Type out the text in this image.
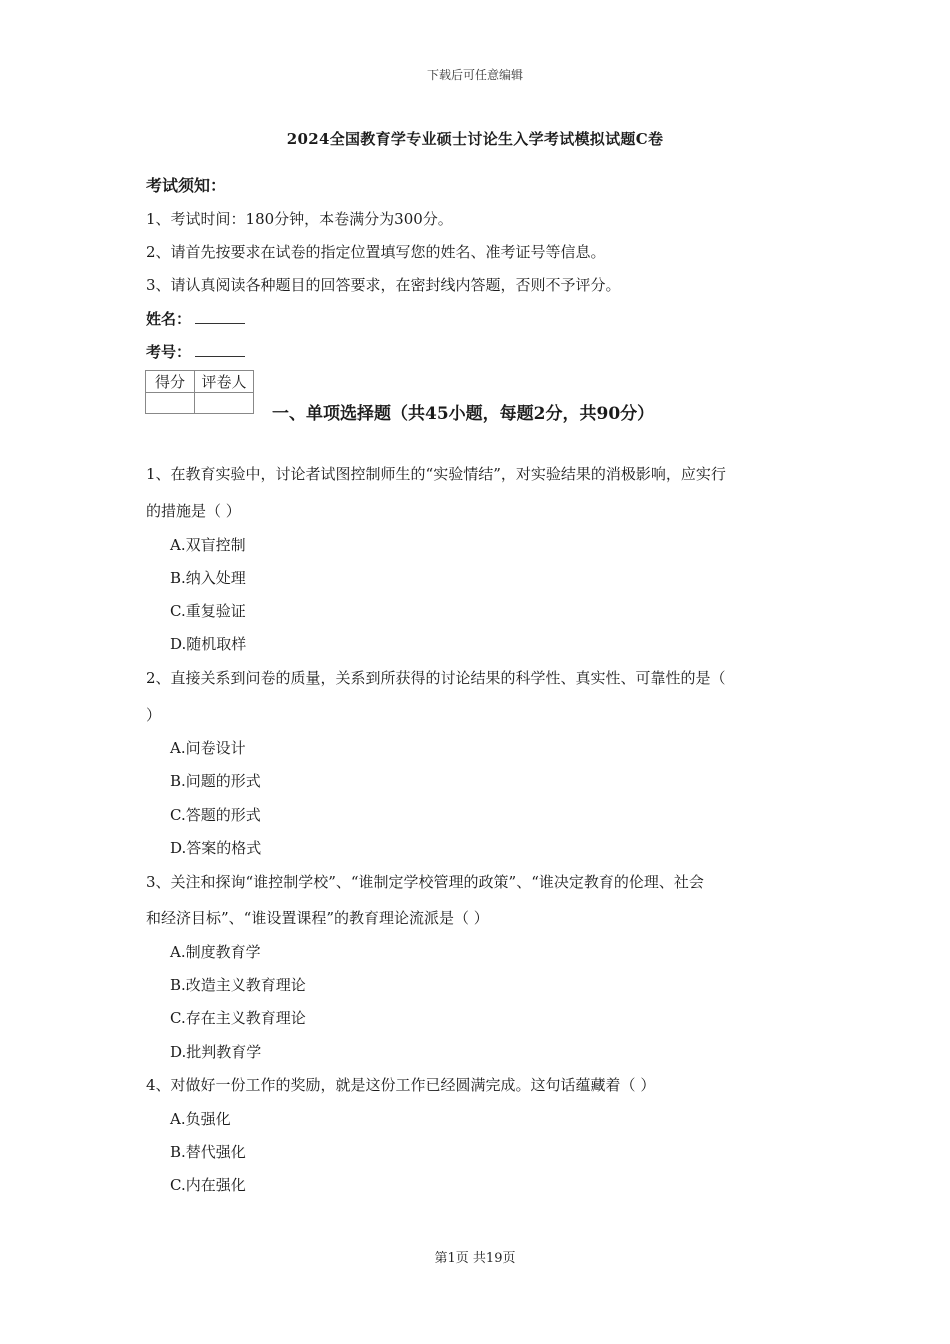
下载后可任意编辑
2024全国教育学专业硕士讨论生入学考试模拟试题C卷
考试须知：
1、考试时间：180分钟，本卷满分为300分。
2、请首先按要求在试卷的指定位置填写您的姓名、准考证号等信息。
3、请认真阅读各种题目的回答要求，在密封线内答题，否则不予评分。
姓名：
考号：
得分	评卷人

一、单项选择题（共45小题，每题2分，共90分）
1、在教育实验中，讨论者试图控制师生的“实验情结”，对实验结果的消极影响，应实行
的措施是（ ）
A.双盲控制
B.纳入处理
C.重复验证
D.随机取样
2、直接关系到问卷的质量，关系到所获得的讨论结果的科学性、真实性、可靠性的是（
）
A.问卷设计
B.问题的形式
C.答题的形式
D.答案的格式
3、关注和探询“谁控制学校”、“谁制定学校管理的政策”、“谁决定教育的伦理、社会
和经济目标”、“谁设置课程”的教育理论流派是（ ）
A.制度教育学
B.改造主义教育理论
C.存在主义教育理论
D.批判教育学
4、对做好一份工作的奖励，就是这份工作已经圆满完成。这句话蕴藏着（ ）
A.负强化
B.替代强化
C.内在强化
第1页 共19页
